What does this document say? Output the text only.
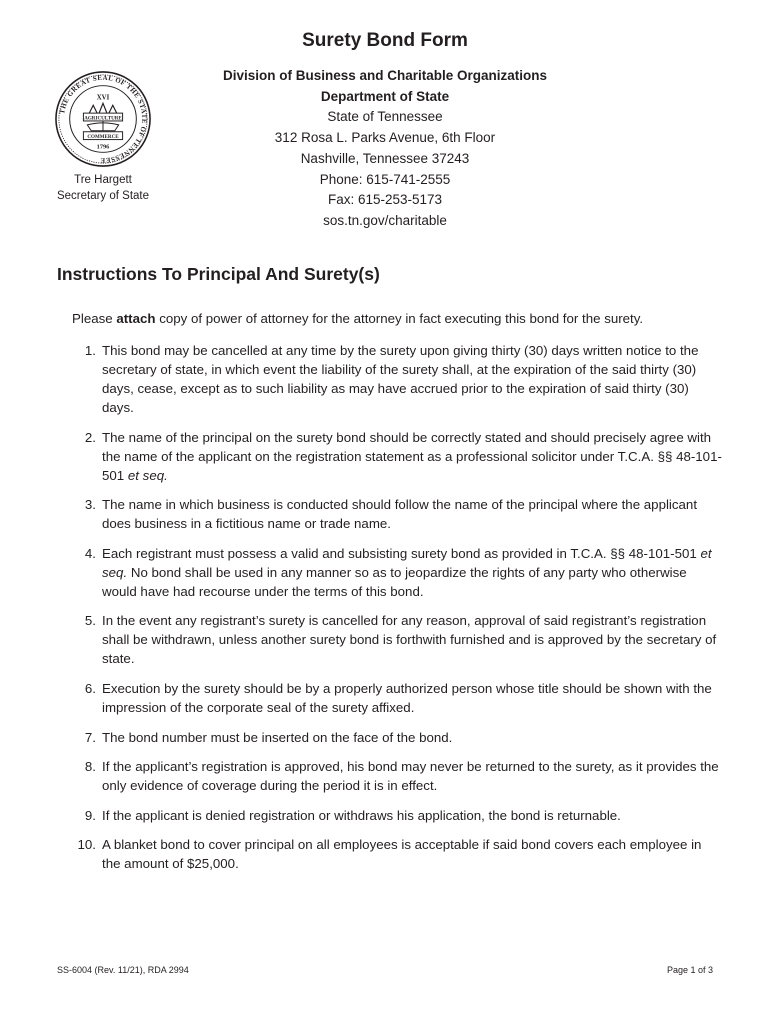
Surety Bond Form
THE GREAT SEAL OF THE STATE OF TENNESSEE
XVI
AGRICULTURE
COMMERCE
1796
Tre Hargett
Secretary of State
Division of Business and Charitable Organizations
Department of State
State of Tennessee
312 Rosa L. Parks Avenue, 6th Floor
Nashville, Tennessee 37243
Phone: 615-741-2555
Fax: 615-253-5173
sos.tn.gov/charitable
Instructions To Principal And Surety(s)
Please attach copy of power of attorney for the attorney in fact executing this bond for the surety.
1. This bond may be cancelled at any time by the surety upon giving thirty (30) days written notice to the secretary of state, in which event the liability of the surety shall, at the expiration of the said thirty (30) days, cease, except as to such liability as may have accrued prior to the expiration of said thirty (30) days.
2. The name of the principal on the surety bond should be correctly stated and should precisely agree with the name of the applicant on the registration statement as a professional solicitor under T.C.A. §§ 48-101-501 et seq.
3. The name in which business is conducted should follow the name of the principal where the applicant does business in a fictitious name or trade name.
4. Each registrant must possess a valid and subsisting surety bond as provided in T.C.A. §§ 48-101-501 et seq. No bond shall be used in any manner so as to jeopardize the rights of any party who otherwise would have had recourse under the terms of this bond.
5. In the event any registrant’s surety is cancelled for any reason, approval of said registrant’s registration shall be withdrawn, unless another surety bond is forthwith furnished and is approved by the secretary of state.
6. Execution by the surety should be by a properly authorized person whose title should be shown with the impression of the corporate seal of the surety affixed.
7. The bond number must be inserted on the face of the bond.
8. If the applicant’s registration is approved, his bond may never be returned to the surety, as it provides the only evidence of coverage during the period it is in effect.
9. If the applicant is denied registration or withdraws his application, the bond is returnable.
10. A blanket bond to cover principal on all employees is acceptable if said bond covers each employee in the amount of $25,000.
SS-6004 (Rev. 11/21), RDA 2994	Page 1 of 3
